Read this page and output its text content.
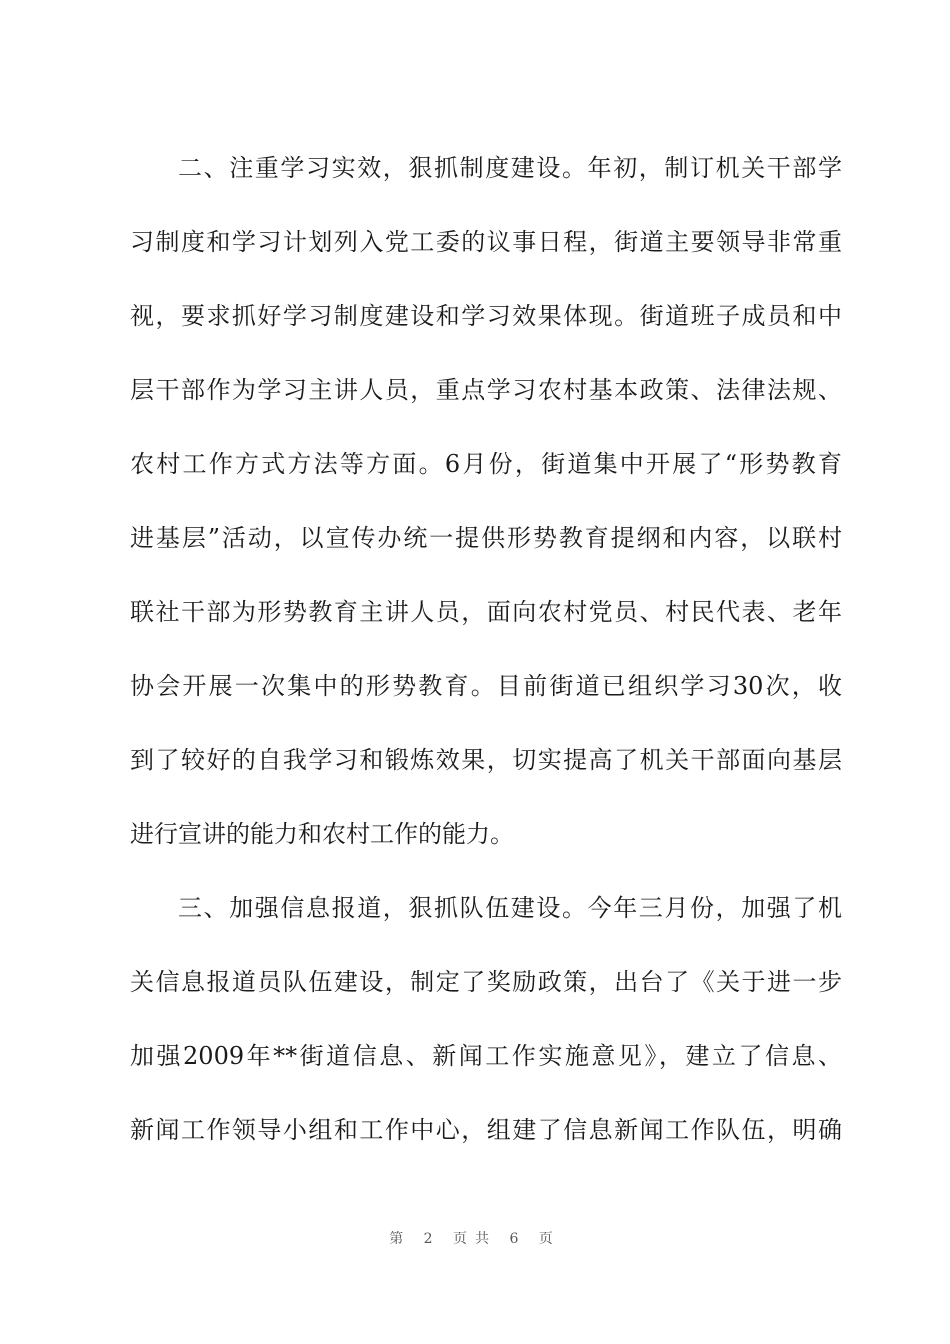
二、注重学习实效，狠抓制度建设。年初，制订机关干部学
习制度和学习计划列入党工委的议事日程，街道主要领导非常重
视，要求抓好学习制度建设和学习效果体现。街道班子成员和中
层干部作为学习主讲人员，重点学习农村基本政策、法律法规、
农村工作方式方法等方面。6月份，街道集中开展了“形势教育
进基层”活动，以宣传办统一提供形势教育提纲和内容，以联村
联社干部为形势教育主讲人员，面向农村党员、村民代表、老年
协会开展一次集中的形势教育。目前街道已组织学习30次，收
到了较好的自我学习和锻炼效果，切实提高了机关干部面向基层
进行宣讲的能力和农村工作的能力。
三、加强信息报道，狠抓队伍建设。今年三月份，加强了机
关信息报道员队伍建设，制定了奖励政策，出台了《关于进一步
加强2009年**街道信息、新闻工作实施意见》，建立了信息、
新闻工作领导小组和工作中心，组建了信息新闻工作队伍，明确
第 2 页共 6 页
